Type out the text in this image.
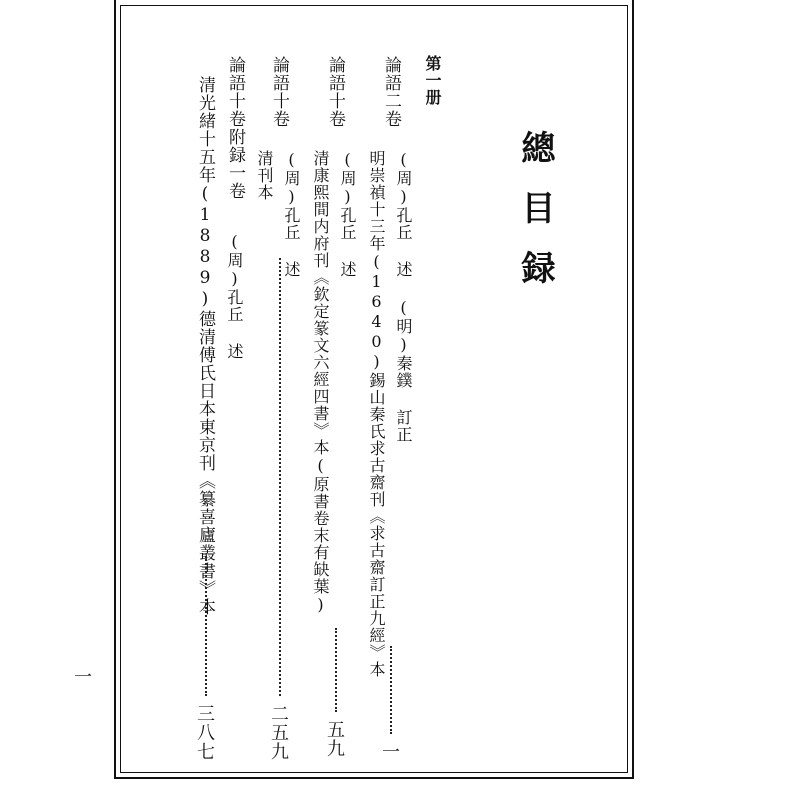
總目録
第一册
論語二卷
(周)孔丘 述 (明)秦鏷 訂正
明崇禎十三年(1640)錫山秦氏求古齋刊《求古齋訂正九經》本
一
論語十卷
(周)孔丘 述
清康熙間内府刊《欽定篆文六經四書》本(原書卷末有缺葉)
五九
論語十卷
(周)孔丘 述
清刊本
二五九
論語十卷附録一卷
(周)孔丘 述
清光緒十五年(1889)德清傅氏日本東京刊《纂喜廬叢書》本
三八七
一
